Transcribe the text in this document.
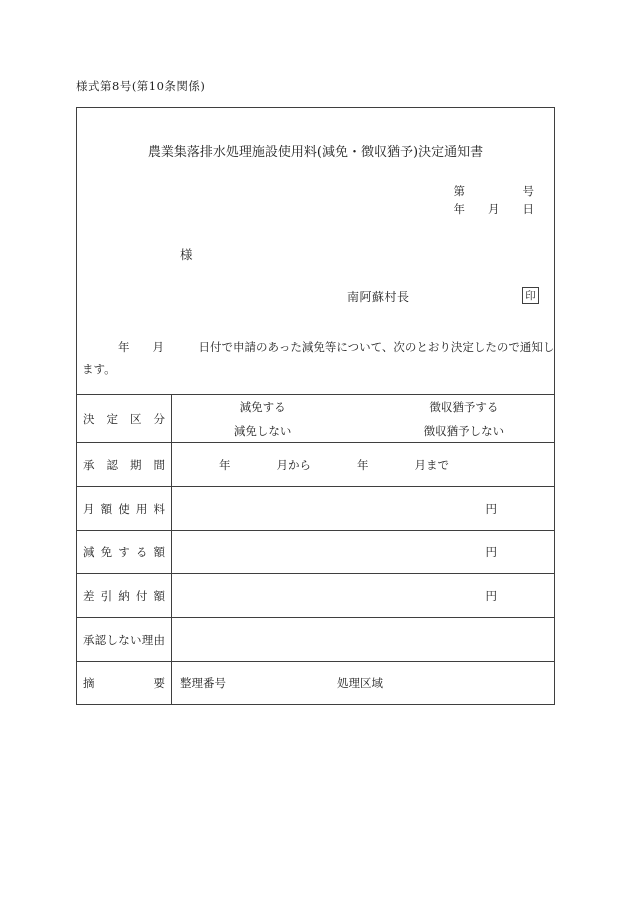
様式第8号(第10条関係)
農業集落排水処理施設使用料(減免・徴収猶予)決定通知書
第　　　　　号
年　　月　　日
様
南阿蘇村長	印
年　　月　　　日付で申請のあった減免等について、次のとおり決定したので通知し
ます。
決定区分
減免する	徴収猶予する
減免しない	徴収猶予しない
承認期間	年　　　　月から　　　　年　　　　月まで
月額使用料	円
減免する額	円
差引納付額	円
承認しない理由
摘要 整理番号	処理区域
